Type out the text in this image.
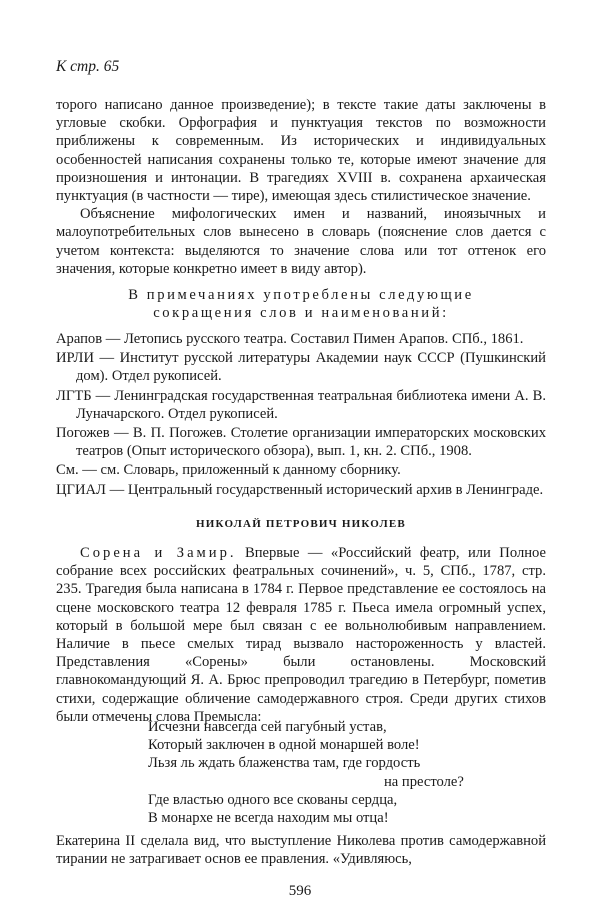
К стр. 65

торого написано данное произведение); в тексте такие даты заключены в угловые скобки. Орфография и пунктуация текстов по возможности приближены к современным. Из исторических и индивидуальных особенностей написания сохранены только те, которые имеют значение для произношения и интонации. В трагедиях XVIII в. сохранена архаическая пунктуация (в частности — тире), имеющая здесь стилистическое значение.

Объяснение мифологических имен и названий, иноязычных и малоупотребительных слов вынесено в словарь (пояснение слов дается с учетом контекста: выделяются то значение слова или тот оттенок его значения, которые конкретно имеет в виду автор).

В примечаниях употреблены следующие
сокращения слов и наименований:
Арапов — Летопись русского театра. Составил Пимен Арапов. СПб., 1861.
ИРЛИ — Институт русской литературы Академии наук СССР (Пушкинский дом). Отдел рукописей.
ЛГТБ — Ленинградская государственная театральная библиотека имени А. В. Луначарского. Отдел рукописей.
Погожев — В. П. Погожев. Столетие организации императорских московских театров (Опыт исторического обзора), вып. 1, кн. 2. СПб., 1908.
См. — см. Словарь, приложенный к данному сборнику.
ЦГИАЛ — Центральный государственный исторический архив в Ленинграде.
НИКОЛАЙ ПЕТРОВИЧ НИКОЛЕВ

Сорена и Замир. Впервые — «Российский феатр, или Полное собрание всех российских феатральных сочинений», ч. 5, СПб., 1787, стр. 235. Трагедия была написана в 1784 г. Первое представление ее состоялось на сцене московского театра 12 февраля 1785 г. Пьеса имела огромный успех, который в большой мере был связан с ее вольнолюбивым направлением. Наличие в пьесе смелых тирад вызвало настороженность у властей. Представления «Сорены» были остановлены. Московский главнокомандующий Я. А. Брюс препроводил трагедию в Петербург, пометив стихи, содержащие обличение самодержавного строя. Среди других стихов были отмечены слова Премысла:

Исчезни навсегда сей пагубный устав,
Который заключен в одной монаршей воле!
Льзя ль ждать блаженства там, где гордость
на престоле?
Где властью одного все скованы сердца,
В монархе не всегда находим мы отца!

Екатерина II сделала вид, что выступление Николева против самодержавной тирании не затрагивает основ ее правления. «Удивляюсь,

596
